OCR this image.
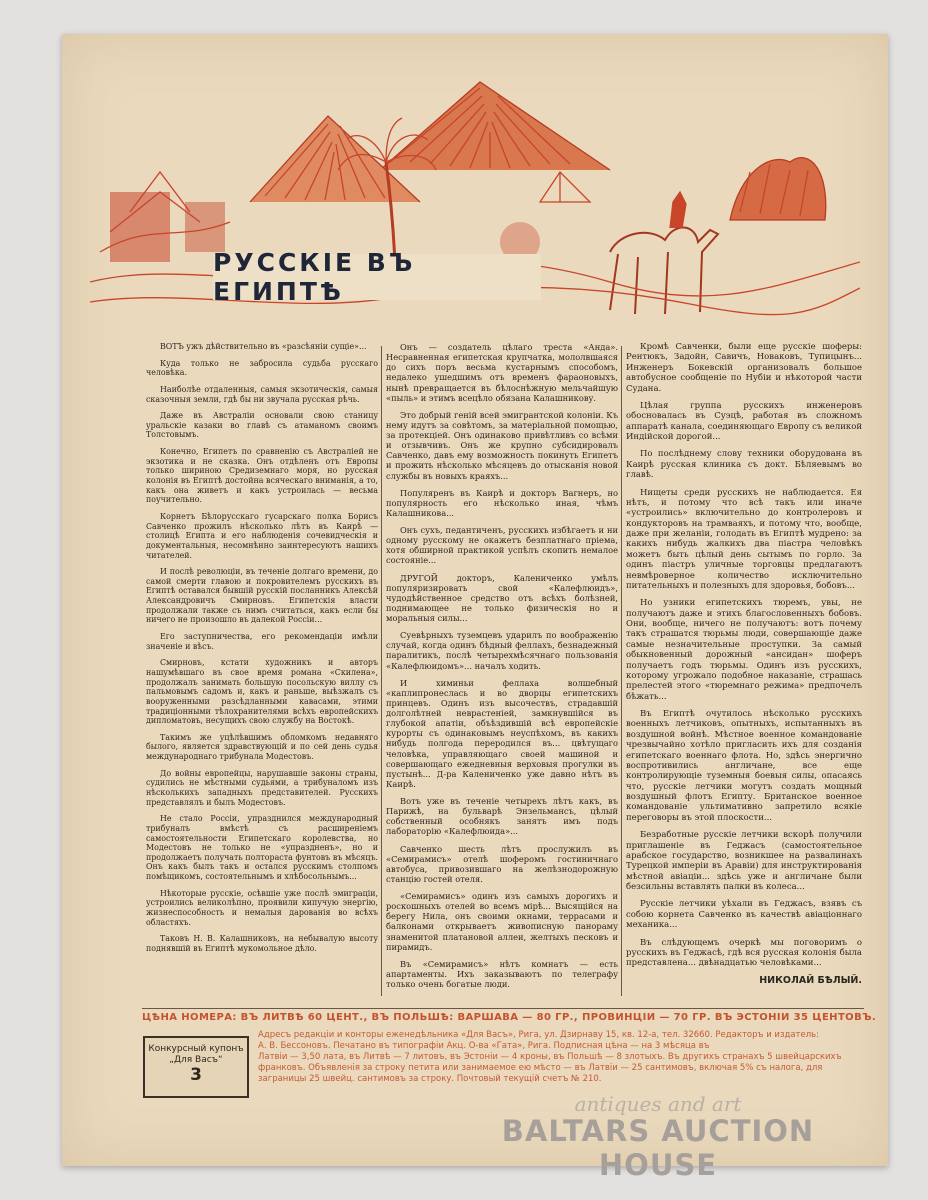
РУССКIЕ ВЪ ЕГИПТѢ

ВОТЪ ужъ дѣйствительно въ «разсѣянiи сущiе»...

Куда только не забросила судьба русскаго человѣка.

Наиболѣе отдаленныя, самыя экзотическiя, самыя сказочныя земли, гдѣ бы ни звучала русская рѣчь.

Даже въ Австралiи основали свою станицу уральскiе казаки во главѣ съ атаманомъ своимъ Толстовымъ.

Конечно, Египетъ по сравненiю съ Австралiей не экзотика и не сказка. Онъ отдѣленъ отъ Европы только шириною Средиземнаго моря, но русская колонiя въ Египтѣ достойна всяческаго вниманiя, а то, какъ она живетъ и какъ устроилась — весьма поучительно.

Корнетъ Бѣлорусскаго гусарскаго полка Борисъ Савченко прожилъ нѣсколько лѣтъ въ Каирѣ — столицѣ Египта и его наблюденiя сочевидческiя и документальныя, несомнѣнно заинтересуютъ нашихъ читателей.

И послѣ революцiи, въ теченiе долгаго времени, до самой смерти главою и покровителемъ русскихъ въ Египтѣ оставался бывшiй русскiй посланникъ Алексѣй Александровичъ Смирновъ. Египетскiя власти продолжали также съ нимъ считаться, какъ если бы ничего не произошло въ далекой Россiи...

Его заступничества, его рекомендацiи имѣли значенiе и вѣсъ.

Смирновъ, кстати художникъ и авторъ нашумѣвшаго въ свое время романа «Скилена», продолжалъ занимать большую посольскую виллу съ пальмовымъ садомъ и, какъ и раньше, выѣзжалъ съ вооруженными разсѣдланными кавасами, этими традицiонными тѣлохранителями всѣхъ европейскихъ дипломатовъ, несущихъ свою службу на Востокѣ.

Такимъ же уцѣлѣвшимъ обломкомъ недавняго былого, является здравствующiй и по сей день судья международнаго трибунала Модестовъ.

До войны европейцы, нарушавшiе законы страны, судились не мѣстными судьями, а трибуналомъ изъ нѣсколькихъ западныхъ представителей. Русскихъ представлялъ и былъ Модестовъ.

Не стало Россiи, упразднился международный трибуналъ вмѣстѣ съ расширенiемъ самостоятельности Египетскаго королевства, но Модестовъ не только не «упраздненъ», но и продолжаетъ получать полтораста фунтовъ въ мѣсяцъ. Онъ какъ былъ такъ и остался русскимъ столпомъ помѣщикомъ, состоятельнымъ и хлѣбосольнымъ...

Нѣкоторые русскiе, осѣвшiе уже послѣ эмиграцiи, устроились великолѣпно, проявили кипучую энергiю, жизнеспособность и немалыя дарованiя во всѣхъ областяхъ.

Таковъ Н. В. Калашниковъ, на небывалую высоту поднявшiй въ Египтѣ мукомольное дѣло.

Онъ — создатель цѣлаго треста «Анда». Несравненная египетская крупчатка, мололвшаяся до сихъ поръ весьма кустарнымъ способомъ, недалеко ушедшимъ отъ временъ фараоновыхъ, нынѣ превращается въ бѣлоснѣжную мельчайшую «пыль» и этимъ всецѣло обязана Калашникову.

Это добрый генiй всей эмигрантской колонiи. Къ нему идутъ за совѣтомъ, за матерiальной помощью, за протекцiей. Онъ одинаково привѣтливъ со всѣми и отзывчивъ. Онъ же крупно субсидировалъ Савченко, давъ ему возможность покинуть Египетъ и прожить нѣсколько мѣсяцевъ до отысканiя новой службы въ новыхъ краяхъ...

Популяренъ въ Каирѣ и докторъ Вагнеръ, но популярность его нѣсколько иная, чѣмъ Калашникова...

Онъ сухъ, педантиченъ, русскихъ избѣгаетъ и ни одному русскому не окажетъ безплатнаго прiема, хотя обширной практикой успѣлъ скопить немалое состоянiе...

ДРУГОЙ докторъ, Калениченко умѣлъ популяризировать свой «Калефлюидъ», чудодѣйственное средство отъ всѣхъ болѣзней, поднимающее не только физическiя но и моральныя силы...

Суевѣрныхъ туземцевъ ударилъ по воображенiю случай, когда одинъ бѣдный феллахъ, безнадежный паралитикъ, послѣ четырехмѣсячнаго пользованiя «Калефлюидомъ»... началъ ходить.

И химиньи феллаха волшебный «каплипронеслась и во дворцы египетскихъ принцевъ. Одинъ изъ высочествъ, страдавшiй долголѣтней неврастенiей, замкнувшiйся въ глубокой апатiи, объѣздившiй всѣ европейскiе курорты съ одинаковымъ неуспѣхомъ, въ какихъ нибудь полгода переродился въ... цвѣтущаго человѣка, управляющаго своей машиной и совершающаго ежедневныя верховыя прогулки въ пустынѣ... Д-ра Калениченко уже давно нѣтъ въ Каирѣ.

Вотъ уже въ теченiе четырехъ лѣтъ какъ, въ Парижѣ, на бульварѣ Энзельмансъ, цѣлый собственный особнякъ занятъ имъ подъ лабораторiю «Калефлюида»...

Савченко шесть лѣтъ прослужилъ въ «Семирамисъ» отелѣ шоферомъ гостиничнаго автобуса, привозившаго на желѣзнодорожную станцiю гостей отеля.

«Семирамисъ» одинъ изъ самыхъ дорогихъ и роскошныхъ отелей во всемъ мiрѣ... Высящiйся на берегу Нила, онъ своими окнами, террасами и балконами открываетъ живописную панораму знаменитой платановой аллеи, желтыхъ песковъ и пирамидъ.

Въ «Семирамисъ» нѣтъ комнатъ — есть апартаменты. Ихъ заказываютъ по телеграфу только очень богатые люди.

Кромѣ Савченки, были еще русскiе шоферы: Рентюкъ, Задойн, Савичъ, Новаковъ, Тупицынъ... Инженеръ Бокевскiй организовалъ большое автобусное сообщенiе по Нубiи и нѣкоторой части Судана.

Цѣлая группа русскихъ инженеровъ обосновалась въ Суэцѣ, работая въ сложномъ аппаратѣ канала, соединяющаго Европу съ великой Индiйской дорогой...

По послѣднему слову техники оборудована въ Каирѣ русская клиника съ докт. Бѣляевымъ во главѣ.

Нищеты среди русскихъ не наблюдается. Ея нѣтъ, и потому что всѣ такъ или иначе «устроились» включительно до контролеровъ и кондукторовъ на трамваяхъ, и потому что, вообще, даже при желанiи, голодать въ Египтѣ мудрено: за какихъ нибудь жалкихъ два пiастра человѣкъ можетъ быть цѣлый день сытымъ по горло. За одинъ пiастръ уличные торговцы предлагаютъ невмѣроверное количество исключительно питательныхъ и полезныхъ для здоровья, бобовъ...

Но узники египетскихъ тюремъ, увы, не получаютъ даже и этихъ благословенныхъ бобовъ. Они, вообще, ничего не получаютъ: вотъ почему такъ страшатся тюрьмы люди, совершающiе даже самые незначительные проступки. За самый обыкновенный дорожный «ансидан» шоферъ получаетъ годъ тюрьмы. Одинъ изъ русскихъ, которому угрожало подобное наказанiе, страшась прелестей этого «тюремнаго режима» предпочелъ бѣжать...

Въ Египтѣ очутилось нѣсколько русскихъ военныхъ летчиковъ, опытныхъ, испытанныхъ въ воздушной войнѣ. Мѣстное военное командованiе чрезвычайно хотѣло пригласить ихъ для созданiя египетскаго военнаго флота. Но, здѣсь энергично воспротивились англичане, все еще контролирующiе туземныя боевыя силы, опасаясь что, русскiе летчики могутъ создать мощный воздушный флотъ Египту. Британское военное командованiе ультимативно запретило всякiе переговоры въ этой плоскости...

Безработные русскiе летчики вскорѣ получили приглашенiе въ Геджасъ (самостоятельное арабское государство, возникшее на развалинахъ Турецкой имперiи въ Аравiи) для инструктированiя мѣстной авiацiи... здѣсь уже и англичане были безсильны вставлять палки въ колеса...

Русскiе летчики уѣхали въ Геджасъ, взявъ съ собою корнета Савченко въ качествѣ авiацiоннаго механика...

Въ слѣдующемъ очеркѣ мы поговоримъ о русскихъ въ Геджасѣ, гдѣ вся русская колонiя была представлена... двѣнадцатью человѣками...

НИКОЛАЙ БѢЛЫЙ.

ЦѢНА НОМЕРА: ВЪ ЛИТВѢ 60 ЦЕНТ., ВЪ ПОЛЬШѢ: ВАРШАВА — 80 ГР., ПРОВИНЦIИ — 70 ГР. ВЪ ЭСТОНIИ 35 ЦЕНТОВЪ.
Конкурсный купонъ
„Для Васъ“
3
Адресъ редакцiи и конторы еженедѣльника «Для Васъ», Рига, ул. Дзирнаву 15, кв. 12-а, тел. 32660. Редакторъ и издатель:
А. В. Бессоновъ. Печатано въ типографiи Акц. О-ва «Гата», Рига. Подписная цѣна — на 3 мѣсяца въ
Латвiи — 3,50 лата, въ Литвѣ — 7 литовъ, въ Эстонiи — 4 кроны, въ Польшѣ — 8 злотыхъ. Въ другихъ странахъ 5 швейцарскихъ
франковъ. Объявленiя за строку петита или занимаемое ею мѣсто — въ Латвiи — 25 сантимовъ, включая 5% съ налога, для
заграницы 25 швейц. сантимовъ за строку. Почтовый текущiй счетъ № 210.
antiques and art
BALTARS AUCTION HOUSE
